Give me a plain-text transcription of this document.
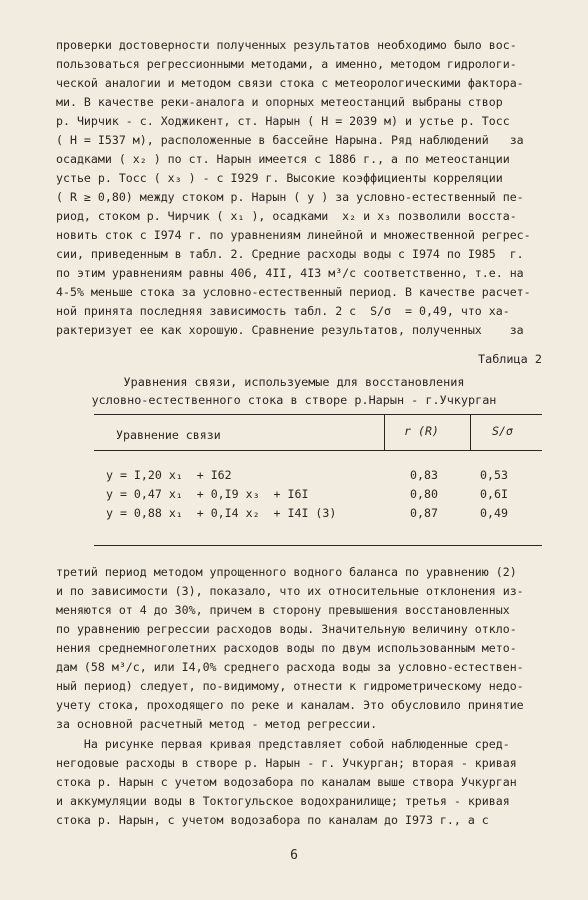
проверки достоверности полученных результатов необходимо было вос-
пользоваться регрессионными методами, а именно, методом гидрологи-
ческой аналогии и методом связи стока с метеорологическими фактора-
ми. В качестве реки-аналога и опорных метеостанций выбраны створ
р. Чирчик - с. Ходжикент, ст. Нарын ( H = 2039 м) и устье р. Тосс
( H = I537 м), расположенные в бассейне Нарына. Ряд наблюдений   за
осадками ( x₂ ) по ст. Нарын имеется с 1886 г., а по метеостанции
устье р. Тосс ( x₃ ) - с I929 г. Высокие коэффициенты корреляции
( R ≥ 0,80) между стоком р. Нарын ( y ) за условно-естественный пе-
риод, стоком р. Чирчик ( x₁ ), осадками  x₂ и x₃ позволили восста-
новить сток с I974 г. по уравнениям линейной и множественной регрес-
сии, приведенным в табл. 2. Средние расходы воды с I974 по I985  г.
по этим уравнениям равны 406, 4II, 4I3 м³/с соответственно, т.е. на
4-5% меньше стока за условно-естественный период. В качестве расчет-
ной принята последняя зависимость табл. 2 с  S/σ  = 0,49, что ха-
рактеризует ее как хорошую. Сравнение результатов, полученных    за
Таблица 2
Уравнения связи, используемые для восстановления
условно-естественного стока в створе р.Нарын - г.Учкурган
Уравнение связи	r (R)	S/σ
y = I,20 x₁  + I62	0,83	0,53
y = 0,47 x₁  + 0,I9 x₃  + I6I	0,80	0,6I
y = 0,88 x₁  + 0,I4 x₂  + I4I (3)	0,87	0,49
третий период методом упрощенного водного баланса по уравнению (2)
и по зависимости (3), показало, что их относительные отклонения из-
меняются от 4 до 30%, причем в сторону превышения восстановленных
по уравнению регрессии расходов воды. Значительную величину откло-
нения среднемноголетних расходов воды по двум использованным мето-
дам (58 м³/с, или I4,0% среднего расхода воды за условно-естествен-
ный период) следует, по-видимому, отнести к гидрометрическому недо-
учету стока, проходящего по реке и каналам. Это обусловило принятие
за основной расчетный метод - метод регрессии.
На рисунке первая кривая представляет собой наблюденные сред-
негодовые расходы в створе р. Нарын - г. Учкурган; вторая - кривая
стока р. Нарын с учетом водозабора по каналам выше створа Учкурган
и аккумуляции воды в Токтогульское водохранилище; третья - кривая
стока р. Нарын, с учетом водозабора по каналам до I973 г., а с
6
